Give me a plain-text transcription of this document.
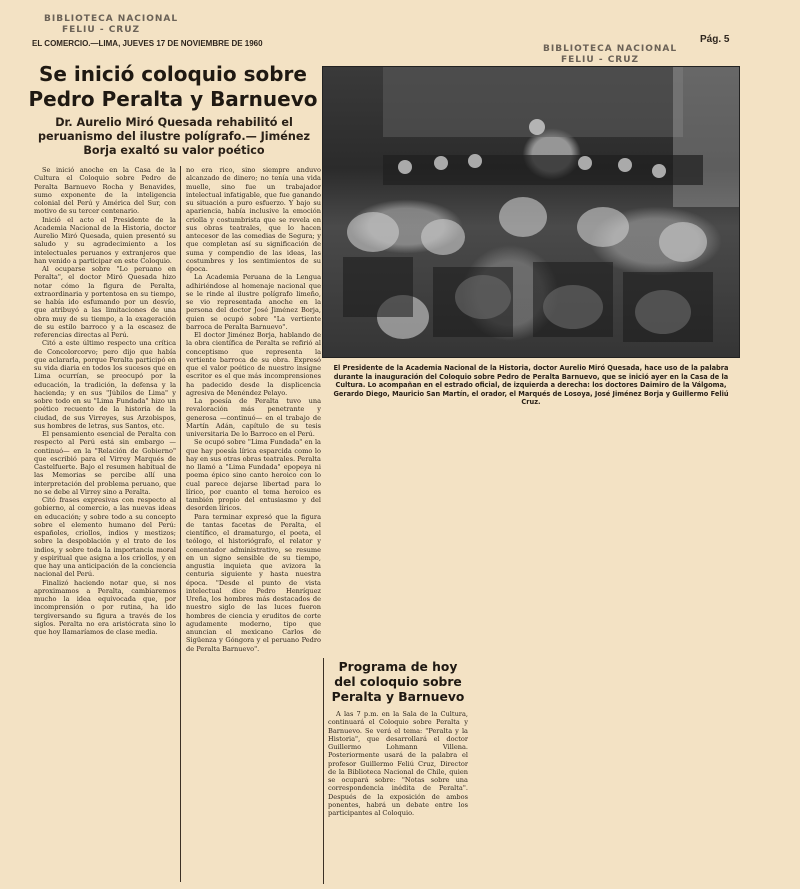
BIBLIOTECA NACIONAL
FELIU - CRUZ
EL COMERCIO.—LIMA, JUEVES 17 DE NOVIEMBRE DE 1960
BIBLIOTECA NACIONAL
FELIU - CRUZ
Pág. 5
Se inició coloquio sobre
Pedro Peralta y Barnuevo
Dr. Aurelio Miró Quesada rehabilitó el peruanismo del ilustre polígrafo.— Jiménez Borja exaltó su valor poético

Se inició anoche en la Casa de la Cultura el Coloquio sobre Pedro de Peralta Barnuevo Rocha y Benavides, sumo exponente de la inteligencia colonial del Perú y América del Sur, con motivo de su tercer centenario.

Inició el acto el Presidente de la Academia Nacional de la Historia, doctor Aurelio Miró Quesada, quien presentó su saludo y su agradecimiento a los intelectuales peruanos y extranjeros que han venido a participar en este Coloquio.

Al ocuparse sobre "Lo peruano en Peralta", el doctor Miró Quesada hizo notar cómo la figura de Peralta, extraordinaria y portentosa en su tiempo, se había ido esfumando por un desvío, que atribuyó a las limitaciones de una obra muy de su tiempo, a la exageración de su estilo barroco y a la escasez de referencias directas al Perú.

Citó a este último respecto una crítica de Concolorcorvo; pero dijo que había que aclararla, porque Peralta participó en su vida diaria en todos los sucesos que en Lima ocurrían, se preocupó por la educación, la tradición, la defensa y la hacienda; y en sus "Júbilos de Lima" y sobre todo en su "Lima Fundada" hizo un poético recuento de la historia de la ciudad, de sus Virreyes, sus Arzobispos, sus hombres de letras, sus Santos, etc.

El pensamiento esencial de Peralta con respecto al Perú está sin embargo —continuó— en la "Relación de Gobierno" que escribió para el Virrey Marqués de Castelfuerte. Bajo el resumen habitual de las Memorias se percibe allí una interpretación del problema peruano, que no se debe al Virrey sino a Peralta.

Citó frases expresivas con respecto al gobierno, al comercio, a las nuevas ideas en educación; y sobre todo a su concepto sobre el elemento humano del Perú: españoles, criollos, indios y mestizos; sobre la despoblación y el trato de los indios, y sobre toda la importancia moral y espiritual que asigna a los criollos, y en que hay una anticipación de la conciencia nacional del Perú.

Finalizó haciendo notar que, si nos aproximamos a Peralta, cambiaremos mucho la idea equivocada que, por incomprensión o por rutina, ha ido tergiversando su figura a través de los siglos. Peralta no era aristócrata sino lo que hoy llamaríamos de clase media.

no era rico, sino siempre anduvo alcanzado de dinero; no tenía una vida muelle, sino fue un trabajador intelectual infatigable, que fue ganando su situación a puro esfuerzo. Y bajo su apariencia, había inclusive la emoción criolla y costumbrista que se revela en sus obras teatrales, que lo hacen antecesor de las comedias de Segura; y que completan así su significación de suma y compendio de las ideas, las costumbres y los sentimientos de su época.

La Academia Peruana de la Lengua adhiriéndose al homenaje nacional que se le rinde al ilustre polígrafo limeño, se vio representada anoche en la persona del doctor José Jiménez Borja, quien se ocupó sobre "La vertiente barroca de Peralta Barnuevo".

El doctor Jiménez Borja, hablando de la obra científica de Peralta se refirió al conceptismo que representa la vertiente barroca de su obra. Expresó que el valor poético de nuestro insigne escritor es el que más incomprensiones ha padecido desde la displicencia agresiva de Menéndez Pelayo.

La poesía de Peralta tuvo una revaloración más penetrante y generosa —continuó— en el trabajo de Martín Adán, capítulo de su tesis universitaria De lo Barroco en el Perú.

Se ocupó sobre "Lima Fundada" en la que hay poesía lírica esparcida como lo hay en sus otras obras teatrales. Peralta no llamó a "Lima Fundada" epopeya ni poema épico sino canto heroico con lo cual parece dejarse libertad para lo lírico, por cuanto el tema heroico es también propio del entusiasmo y del desorden líricos.

Para terminar expresó que la figura de tantas facetas de Peralta, el científico, el dramaturgo, el poeta, el teólogo, el historiógrafo, el relator y comentador administrativo, se resume en un signo sensible de su tiempo, angustia inquieta que avizora la centuria siguiente y hasta nuestra época. "Desde el punto de vista intelectual dice Pedro Henríquez Ureña, los hombres más destacados de nuestro siglo de las luces fueron hombres de ciencia y eruditos de corte agudamente moderno, tipo que anuncian el mexicano Carlos de Sigüenza y Góngora y el peruano Pedro de Peralta Barnuevo".

El Presidente de la Academia Nacional de la Historia, doctor Aurelio Miró Quesada, hace uso de la palabra durante la inauguración del Coloquio sobre Pedro de Peralta Barnuevo, que se inició ayer en la Casa de la Cultura. Lo acompañan en el estrado oficial, de izquierda a derecha: los doctores Daimiro de la Válgoma, Gerardo Diego, Mauricio San Martín, el orador, el Marqués de Losoya, José Jiménez Borja y Guillermo Feliú Cruz.
Programa de hoy del coloquio sobre Peralta y Barnuevo

A las 7 p.m. en la Sala de la Cultura, continuará el Coloquio sobre Peralta y Barnuevo. Se verá el tema: "Peralta y la Historia", que desarrollará el doctor Guillermo Lohmann Villena. Posteriormente usará de la palabra el profesor Guillermo Feliú Cruz, Director de la Biblioteca Nacional de Chile, quien se ocupará sobre: "Notas sobre una correspondencia inédita de Peralta". Después de la exposición de ambos ponentes, habrá un debate entre los participantes al Coloquio.
